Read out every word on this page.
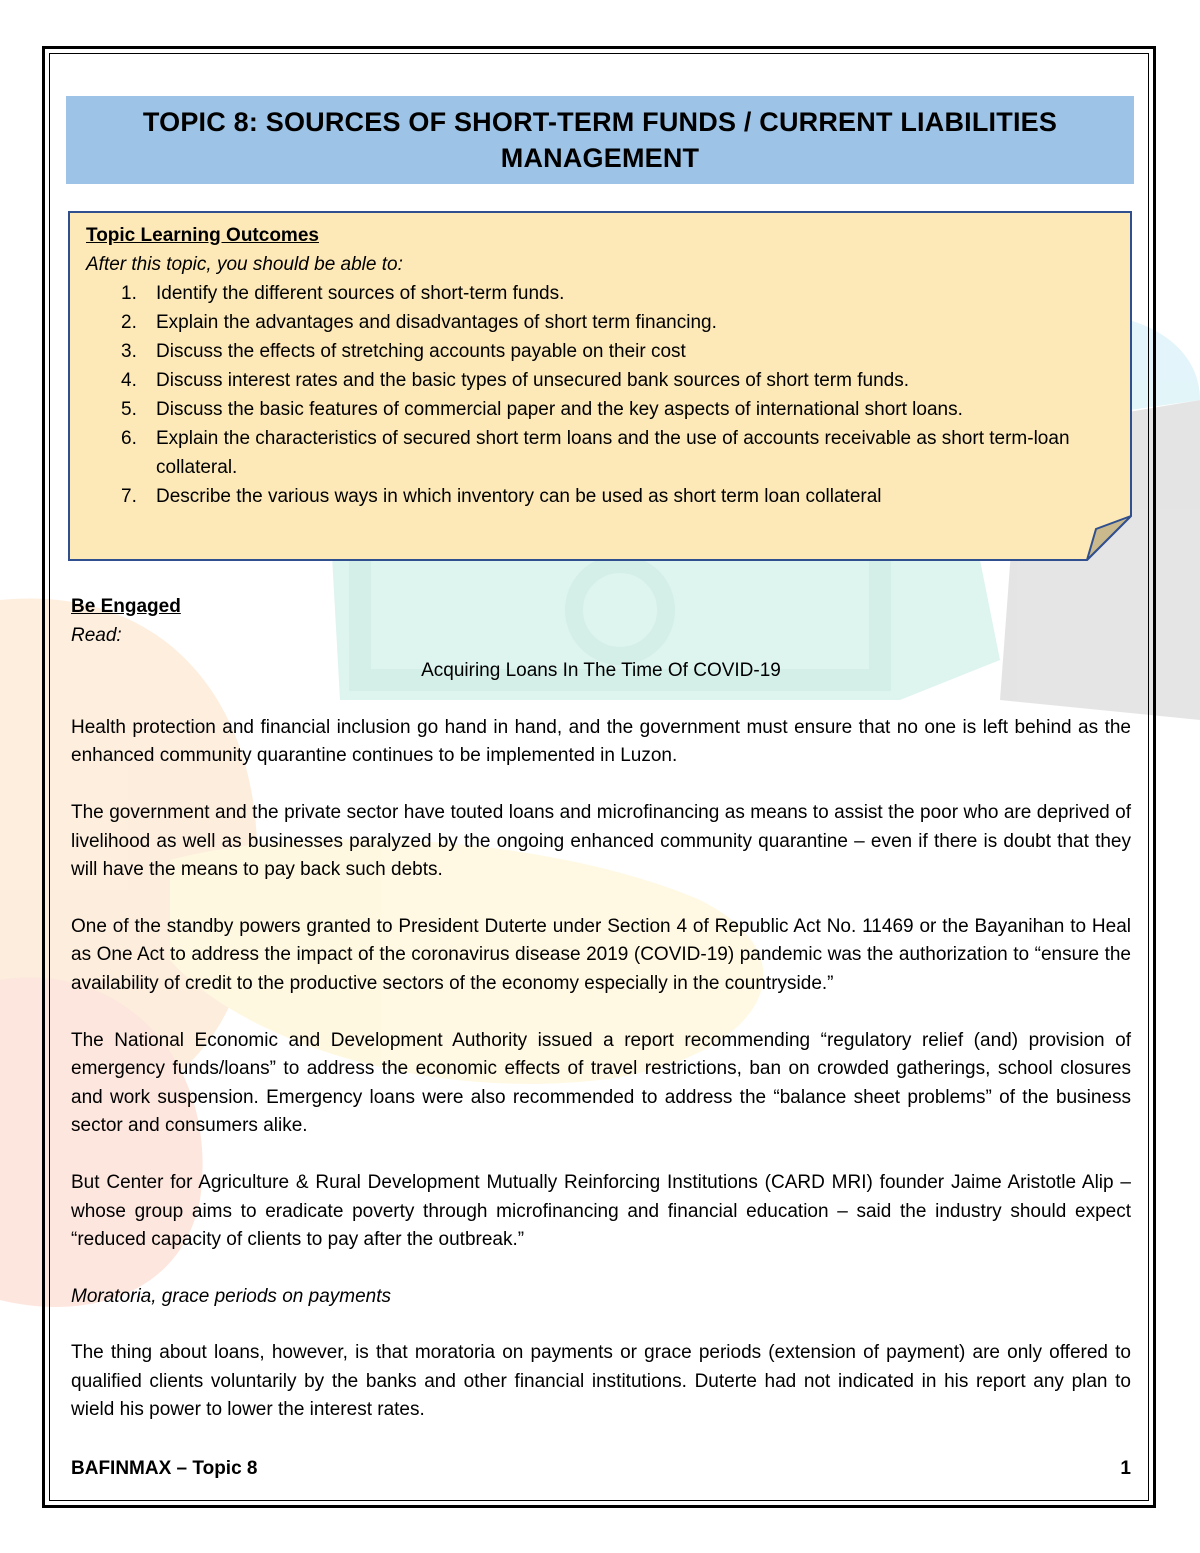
TOPIC 8: SOURCES OF SHORT-TERM FUNDS / CURRENT LIABILITIES
MANAGEMENT
Topic Learning Outcomes
After this topic, you should be able to:
1. Identify the different sources of short-term funds.
2. Explain the advantages and disadvantages of short term financing.
3. Discuss the effects of stretching accounts payable on their cost
4. Discuss interest rates and the basic types of unsecured bank sources of short term funds.
5. Discuss the basic features of commercial paper and the key aspects of international short loans.
6. Explain the characteristics of secured short term loans and the use of accounts receivable as short term-loan collateral.
7. Describe the various ways in which inventory can be used as short term loan collateral
Be Engaged
Read:
Acquiring Loans In The Time Of COVID-19
Health protection and financial inclusion go hand in hand, and the government must ensure that no one is left behind as the enhanced community quarantine continues to be implemented in Luzon.
The government and the private sector have touted loans and microfinancing as means to assist the poor who are deprived of livelihood as well as businesses paralyzed by the ongoing enhanced community quarantine – even if there is doubt that they will have the means to pay back such debts.
One of the standby powers granted to President Duterte under Section 4 of Republic Act No. 11469 or the Bayanihan to Heal as One Act to address the impact of the coronavirus disease 2019 (COVID-19) pandemic was the authorization to “ensure the availability of credit to the productive sectors of the economy especially in the countryside.”
The National Economic and Development Authority issued a report recommending “regulatory relief (and) provision of emergency funds/loans” to address the economic effects of travel restrictions, ban on crowded gatherings, school closures and work suspension. Emergency loans were also recommended to address the “balance sheet problems” of the business sector and consumers alike.
But Center for Agriculture & Rural Development Mutually Reinforcing Institutions (CARD MRI) founder Jaime Aristotle Alip – whose group aims to eradicate poverty through microfinancing and financial education – said the industry should expect “reduced capacity of clients to pay after the outbreak.”
Moratoria, grace periods on payments
The thing about loans, however, is that moratoria on payments or grace periods (extension of payment) are only offered to qualified clients voluntarily by the banks and other financial institutions. Duterte had not indicated in his report any plan to wield his power to lower the interest rates.
BAFINMAX – Topic 8	1
